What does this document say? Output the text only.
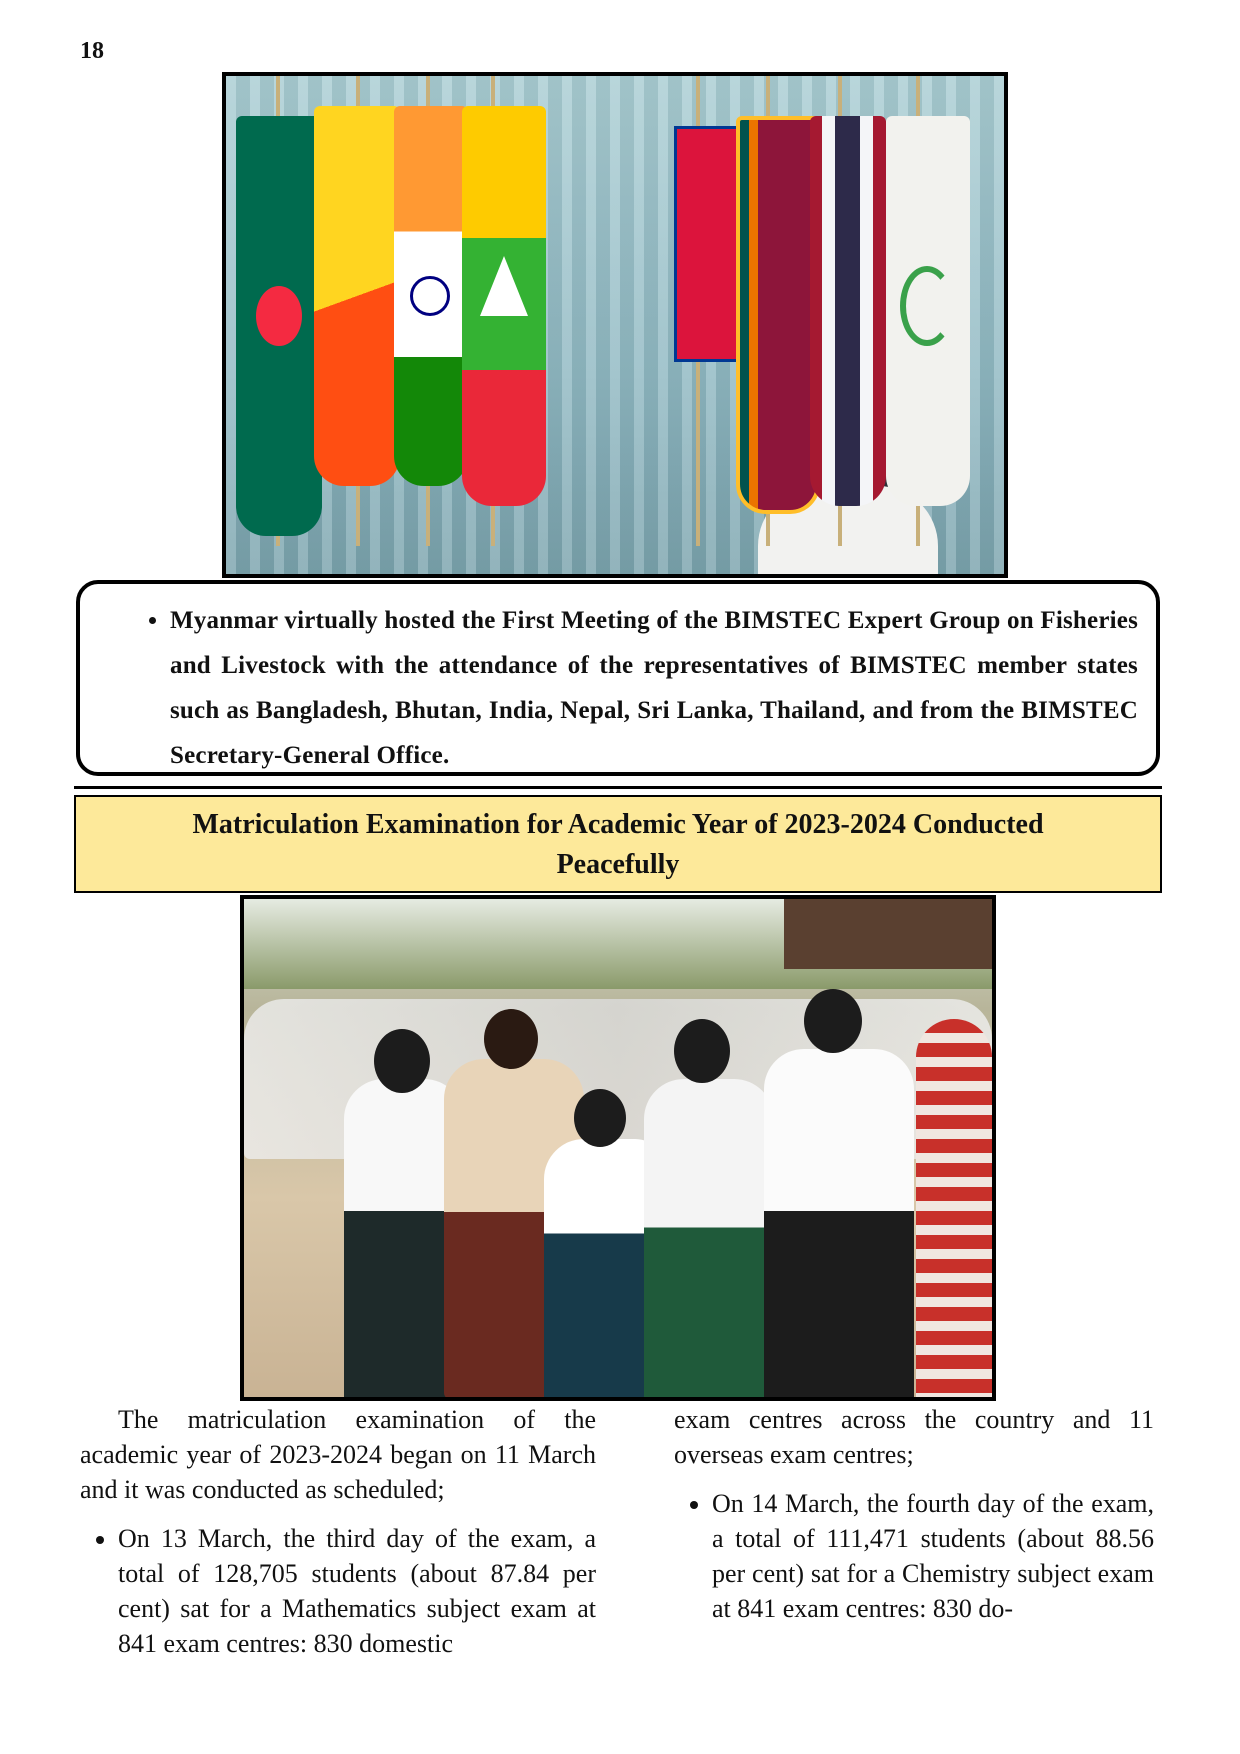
18
• Myanmar virtually hosted the First Meeting of the BIMSTEC Expert Group on Fisheries and Livestock with the attendance of the representatives of BIMSTEC member states such as Bangladesh, Bhutan, India, Nepal, Sri Lanka, Thailand, and from the BIMSTEC Secretary-General Office.
Matriculation Examination for Academic Year of 2023-2024 Conducted
Peacefully

The matriculation examination of the academic year of 2023-2024 began on 11 March and it was conducted as scheduled;

• On 13 March, the third day of the exam, a total of 128,705 students (about 87.84 per cent) sat for a Mathematics subject exam at 841 exam centres: 830 domestic

exam centres across the country and 11 overseas exam centres;

• On 14 March, the fourth day of the exam, a total of 111,471 students (about 88.56 per cent) sat for a Chemistry subject exam at 841 exam centres: 830 do-
